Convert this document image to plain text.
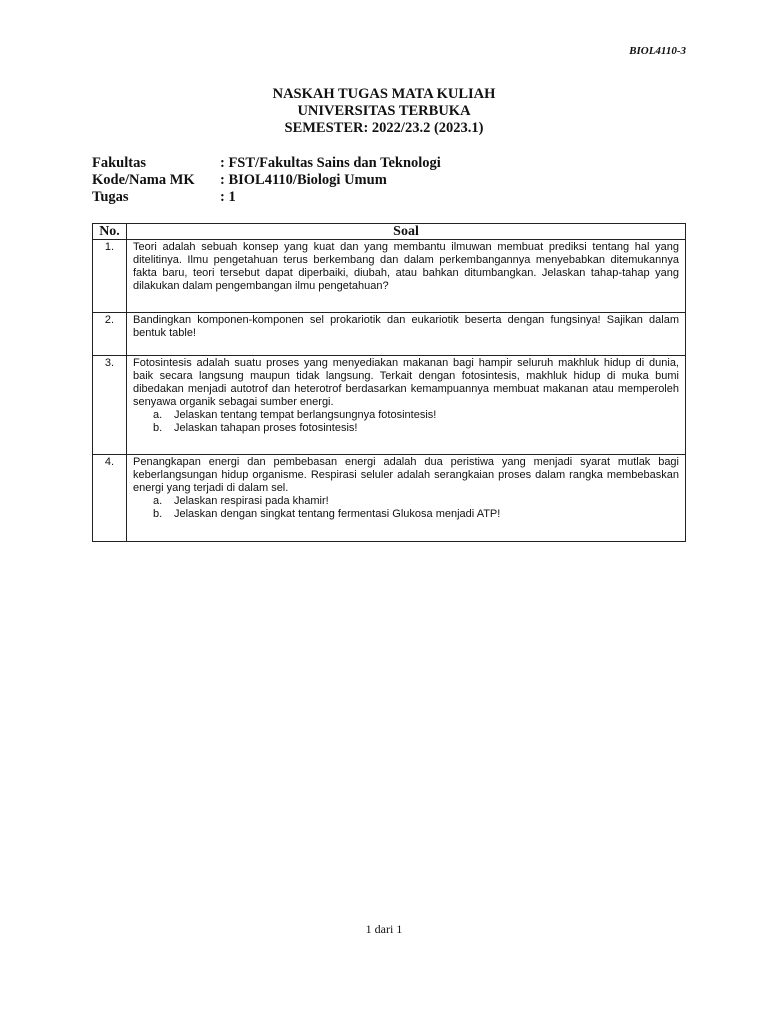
BIOL4110-3
NASKAH TUGAS MATA KULIAH
UNIVERSITAS TERBUKA
SEMESTER: 2022/23.2 (2023.1)
Fakultas	: FST/Fakultas Sains dan Teknologi
Kode/Nama MK	: BIOL4110/Biologi Umum
Tugas	: 1
No.	Soal
1.	Teori adalah sebuah konsep yang kuat dan yang membantu ilmuwan membuat prediksi tentang hal yang ditelitinya. Ilmu pengetahuan terus berkembang dan dalam perkembangannya menyebabkan ditemukannya fakta baru, teori tersebut dapat diperbaiki, diubah, atau bahkan ditumbangkan. Jelaskan tahap-tahap yang dilakukan dalam pengembangan ilmu pengetahuan?

2.	Bandingkan komponen-komponen sel prokariotik dan eukariotik beserta dengan fungsinya! Sajikan dalam bentuk table!

3.	Fotosintesis adalah suatu proses yang menyediakan makanan bagi hampir seluruh makhluk hidup di dunia, baik secara langsung maupun tidak langsung. Terkait dengan fotosintesis, makhluk hidup di muka bumi dibedakan menjadi autotrof dan heterotrof berdasarkan kemampuannya membuat makanan atau memperoleh senyawa organik sebagai sumber energi.
a. Jelaskan tentang tempat berlangsungnya fotosintesis!
b. Jelaskan tahapan proses fotosintesis!

4.	Penangkapan energi dan pembebasan energi adalah dua peristiwa yang menjadi syarat mutlak bagi keberlangsungan hidup organisme. Respirasi seluler adalah serangkaian proses dalam rangka membebaskan energi yang terjadi di dalam sel.
a. Jelaskan respirasi pada khamir!
b. Jelaskan dengan singkat tentang fermentasi Glukosa menjadi ATP!
1 dari 1
